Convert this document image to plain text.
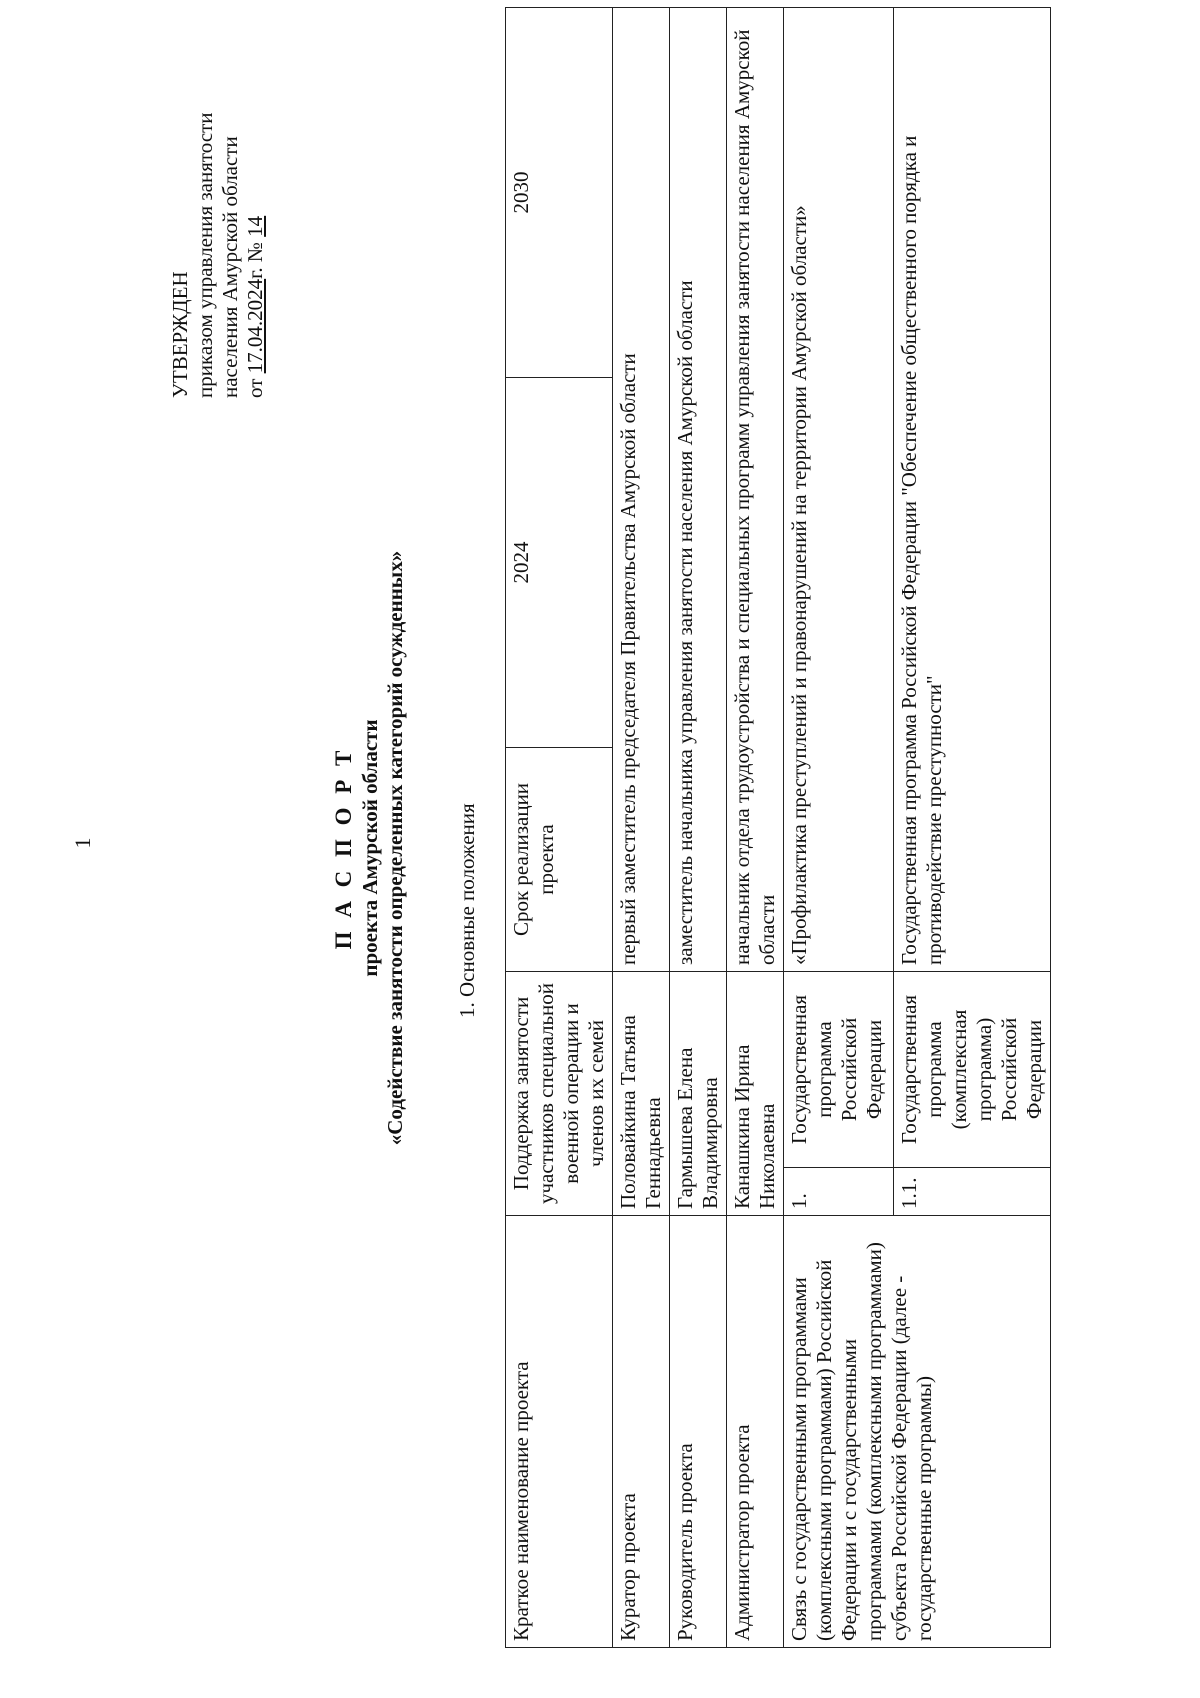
1
УТВЕРЖДЕН приказом управления занятости населения Амурской области от 17.04.2024г. № 14
П А С П О Р Т проекта Амурской области «Содействие занятости определенных категорий осужденных» 1. Основные положения
Краткое наименование проекта	Поддержка занятости участников специальной военной операции и членов их семей		Срок реализации проекта	2024	2030
Куратор проекта	Половайкина Татьяна Геннадьевна		первый заместитель председателя Правительства Амурской области		
Руководитель проекта	Гармышева Елена Владимировна		заместитель начальника управления занятости населения Амурской области		
Администратор проекта	Канашкина Ирина Николаевна		начальник отдела трудоустройства и специальных программ управления занятости населения Амурской области		
Связь с государственными программами (комплексными программами) Российской Федерации и с государственными программами (комплексными программами) субъекта Российской Федерации (далее - государственные программы)	1.	Государственная программа Российской Федерации	«Профилактика преступлений и правонарушений на территории Амурской области»		
	1.1.	Государственная программа (комплексная программа) Российской Федерации	Государственная программа Российской Федерации "Обеспечение общественного порядка и противодействие преступности"		
